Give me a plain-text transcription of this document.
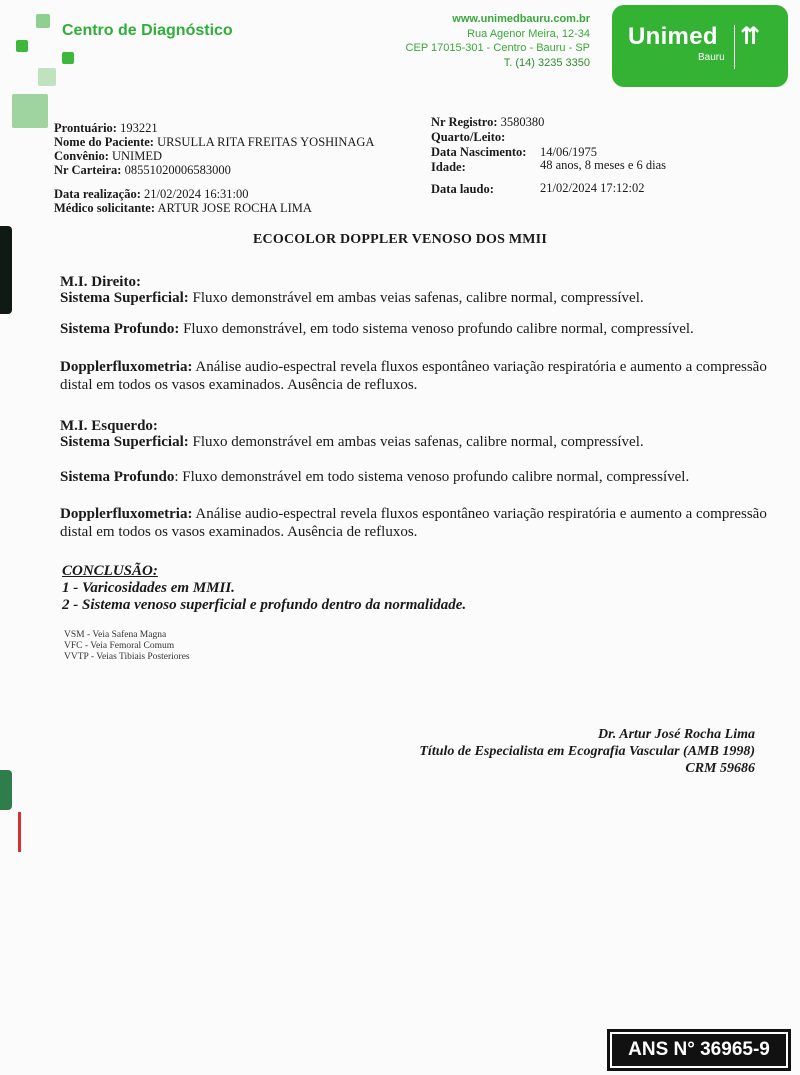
Centro de Diagnóstico
www.unimedbauru.com.br
Rua Agenor Meira, 12-34
CEP 17015-301 - Centro - Bauru - SP
T. (14) 3235 3350
Unimed ⇈
Bauru
Prontuário: 193221
Nome do Paciente: URSULLA RITA FREITAS YOSHINAGA
Convênio: UNIMED
Nr Carteira: 08551020006583000
Data realização: 21/02/2024 16:31:00
Médico solicitante: ARTUR JOSE ROCHA LIMA
Nr Registro: 3580380
Quarto/Leito:
Data Nascimento: 14/06/1975
Idade:	48 anos, 8 meses e 6 dias
Data laudo:	21/02/2024 17:12:02
ECOCOLOR DOPPLER VENOSO DOS MMII
M.I. Direito:
Sistema Superficial: Fluxo demonstrável em ambas veias safenas, calibre normal, compressível.
Sistema Profundo: Fluxo demonstrável, em todo sistema venoso profundo calibre normal, compressível.
Dopplerfluxometria: Análise audio-espectral revela fluxos espontâneo variação respiratória e aumento a compressão distal em todos os vasos examinados. Ausência de refluxos.
M.I. Esquerdo:
Sistema Superficial: Fluxo demonstrável em ambas veias safenas, calibre normal, compressível.
Sistema Profundo: Fluxo demonstrável em todo sistema venoso profundo calibre normal, compressível.
Dopplerfluxometria: Análise audio-espectral revela fluxos espontâneo variação respiratória e aumento a compressão distal em todos os vasos examinados. Ausência de refluxos.
CONCLUSÃO:
1 - Varicosidades em MMII.
2 - Sistema venoso superficial e profundo dentro da normalidade.
VSM - Veia Safena Magna
VFC - Veia Femoral Comum
VVTP - Veias Tibiais Posteriores
Dr. Artur José Rocha Lima
Título de Especialista em Ecografia Vascular (AMB 1998)
CRM 59686
ANS N° 36965-9
